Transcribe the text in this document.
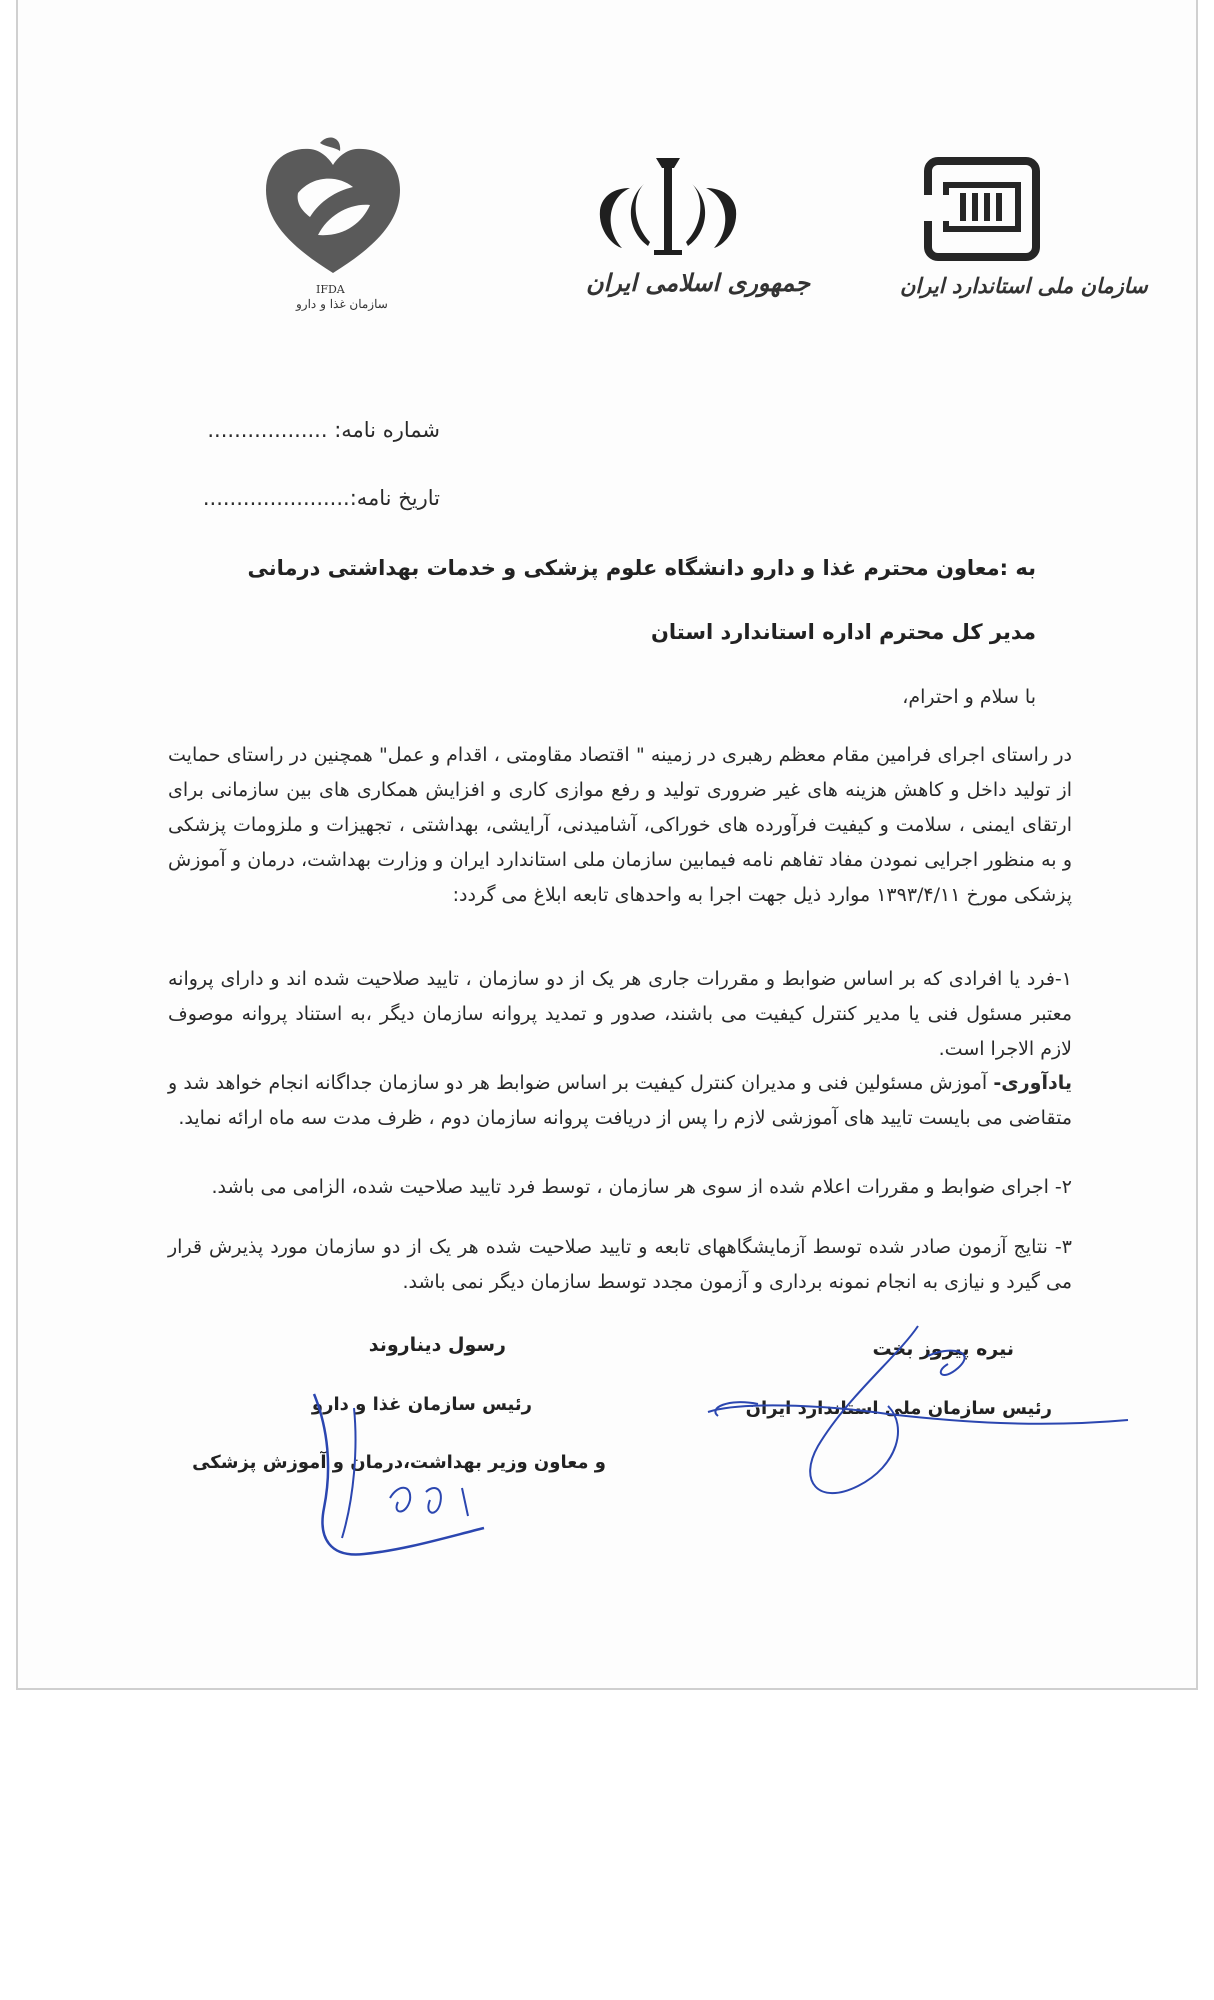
IFDA
سازمان غذا و دارو
جمهوری اسلامی ایران	سازمان ملی استاندارد ایران
شماره نامه: ..................
تاریخ نامه:......................
به :معاون محترم غذا و دارو دانشگاه علوم پزشکی و خدمات بهداشتی درمانی
مدیر کل محترم اداره استاندارد استان
با سلام و احترام،
در راستای اجرای فرامین مقام معظم رهبری در زمینه " اقتصاد مقاومتی ، اقدام و عمل" همچنین در راستای حمایت از تولید داخل و کاهش هزینه های غیر ضروری تولید و رفع موازی کاری و افزایش همکاری های بین سازمانی برای ارتقای ایمنی ، سلامت و کیفیت فرآورده های خوراکی، آشامیدنی، آرایشی، بهداشتی ، تجهیزات و ملزومات پزشکی و به منظور اجرایی نمودن مفاد تفاهم نامه فیمابین سازمان ملی استاندارد ایران و وزارت بهداشت، درمان و آموزش پزشکی مورخ ۱۳۹۳/۴/۱۱ موارد ذیل جهت اجرا به واحدهای تابعه ابلاغ می گردد:
۱-فرد یا افرادی که بر اساس ضوابط و مقررات جاری هر یک از دو سازمان ، تایید صلاحیت شده اند و دارای پروانه معتبر مسئول فنی یا مدیر کنترل کیفیت می باشند، صدور و تمدید پروانه سازمان دیگر ،به استناد پروانه موصوف لازم الاجرا است.
یادآوری- آموزش مسئولین فنی و مدیران کنترل کیفیت بر اساس ضوابط هر دو سازمان جداگانه انجام خواهد شد و متقاضی می بایست تایید های آموزشی لازم را پس از دریافت پروانه سازمان دوم ، ظرف مدت سه ماه ارائه نماید.
۲- اجرای ضوابط و مقررات اعلام شده از سوی هر سازمان ، توسط فرد تایید صلاحیت شده، الزامی می باشد.
۳- نتایج آزمون صادر شده توسط آزمایشگاههای تابعه و تایید صلاحیت شده هر یک از دو سازمان مورد پذیرش قرار می گیرد و نیازی به انجام نمونه برداری و آزمون مجدد توسط سازمان دیگر نمی باشد.
رسول دیناروند
رئیس سازمان غذا و دارو
و معاون وزیر بهداشت،درمان و آموزش پزشکی
نیره پیروز بخت
رئیس سازمان ملی استاندارد ایران
